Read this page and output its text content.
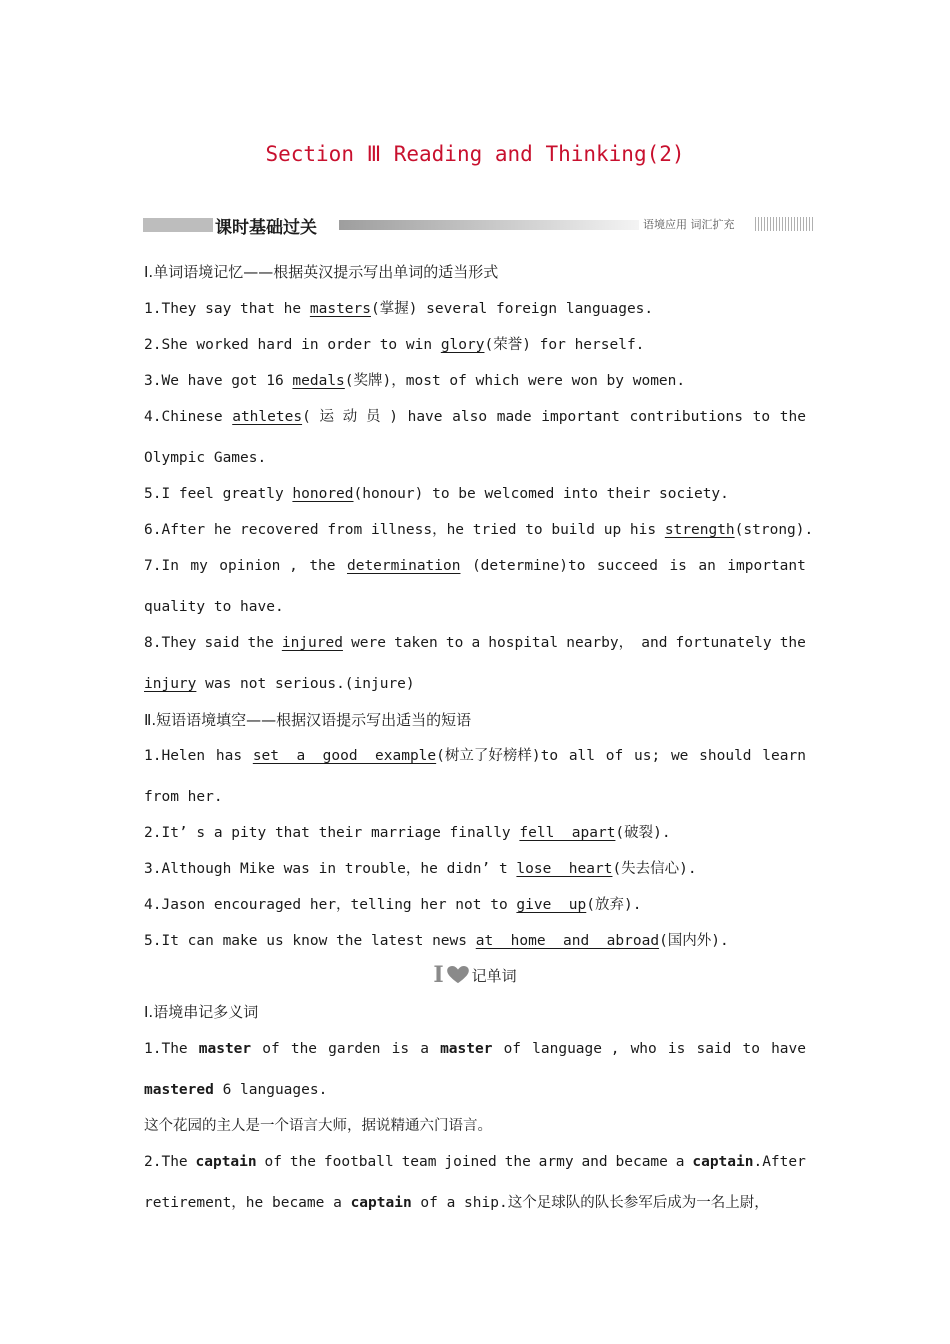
Section Ⅲ Reading and Thinking(2)
课时基础过关	语境应用 词汇扩充
Ⅰ.单词语境记忆——根据英汉提示写出单词的适当形式
1.They say that he masters(掌握) several foreign languages.
2.She worked hard in order to win glory(荣誉) for herself.
3.We have got 16 medals(奖牌)，most of which were won by women.
4.Chinese athletes( 运 动 员 ) have also made important contributions to the
Olympic Games.
5.I feel greatly honored(honour) to be welcomed into their society.
6.After he recovered from illness，he tried to build up his strength(strong).
7.In my opinion , the determination (determine)to succeed is an important
quality to have.
8.They said the injured were taken to a hospital nearby， and fortunately the
injury was not serious.(injure)
Ⅱ.短语语境填空——根据汉语提示写出适当的短语
1.Helen has set  a  good  example(树立了好榜样)to all of us; we should learn
from her.
2.It’ s a pity that their marriage finally fell  apart(破裂).
3.Although Mike was in trouble，he didn’ t lose  heart(失去信心).
4.Jason encouraged her，telling her not to give  up(放弃).
5.It can make us know the latest news at  home  and  abroad(国内外).
I 记单词
Ⅰ.语境串记多义词
1.The master of the garden is a master of language , who is said to have
mastered 6 languages.
这个花园的主人是一个语言大师，据说精通六门语言。
2.The captain of the football team joined the army and became a captain.After
retirement，he became a captain of a ship.这个足球队的队长参军后成为一名上尉，
